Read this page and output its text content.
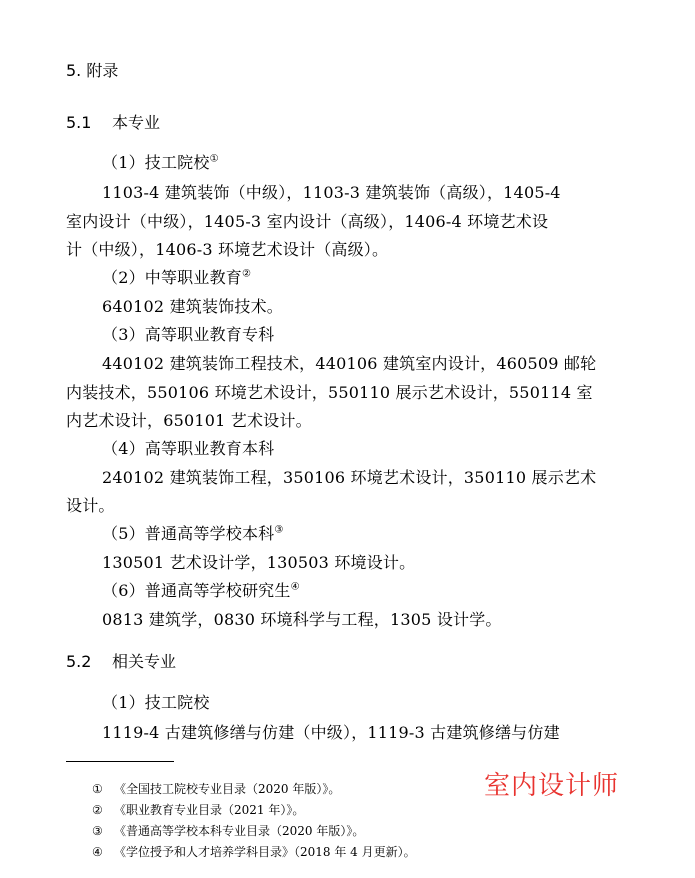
5. 附录
5.1 本专业
（1）技工院校①
1103-4 建筑装饰（中级），1103-3 建筑装饰（高级），1405-4
室内设计（中级），1405-3 室内设计（高级），1406-4 环境艺术设
计（中级），1406-3 环境艺术设计（高级）。
（2）中等职业教育②
640102 建筑装饰技术。
（3）高等职业教育专科
440102 建筑装饰工程技术，440106 建筑室内设计，460509 邮轮
内装技术，550106 环境艺术设计，550110 展示艺术设计，550114 室
内艺术设计，650101 艺术设计。
（4）高等职业教育本科
240102 建筑装饰工程，350106 环境艺术设计，350110 展示艺术
设计。
（5）普通高等学校本科③
130501 艺术设计学，130503 环境设计。
（6）普通高等学校研究生④
0813 建筑学，0830 环境科学与工程，1305 设计学。
5.2 相关专业
（1）技工院校
1119-4 古建筑修缮与仿建（中级），1119-3 古建筑修缮与仿建
① 《全国技工院校专业目录（2020 年版）》。
② 《职业教育专业目录（2021 年）》。
③ 《普通高等学校本科专业目录（2020 年版）》。
④ 《学位授予和人才培养学科目录》（2018 年 4 月更新）。
室内设计师
